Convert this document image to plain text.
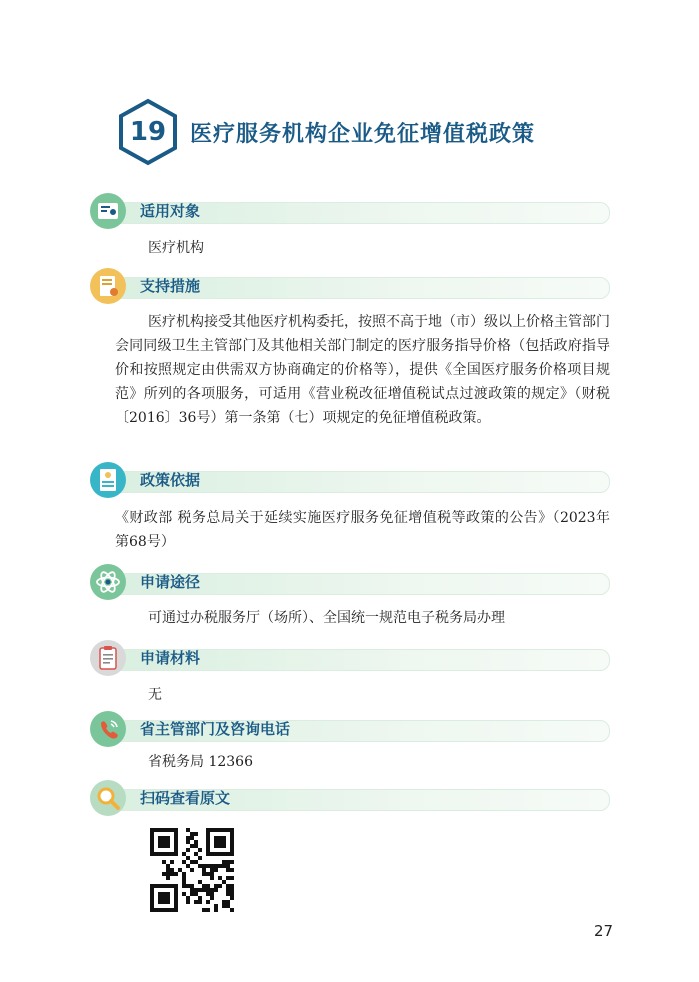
19	医疗服务机构企业免征增值税政策
适用对象
医疗机构
支持措施
医疗机构接受其他医疗机构委托，按照不高于地（市）级以上价格主管部门会同同级卫生主管部门及其他相关部门制定的医疗服务指导价格（包括政府指导价和按照规定由供需双方协商确定的价格等），提供《全国医疗服务价格项目规范》所列的各项服务，可适用《营业税改征增值税试点过渡政策的规定》（财税〔2016〕36号）第一条第（七）项规定的免征增值税政策。
政策依据
《财政部 税务总局关于延续实施医疗服务免征增值税等政策的公告》（2023年第68号）
申请途径
可通过办税服务厅（场所）、全国统一规范电子税务局办理
申请材料
无
省主管部门及咨询电话
省税务局 12366
扫码查看原文
27
